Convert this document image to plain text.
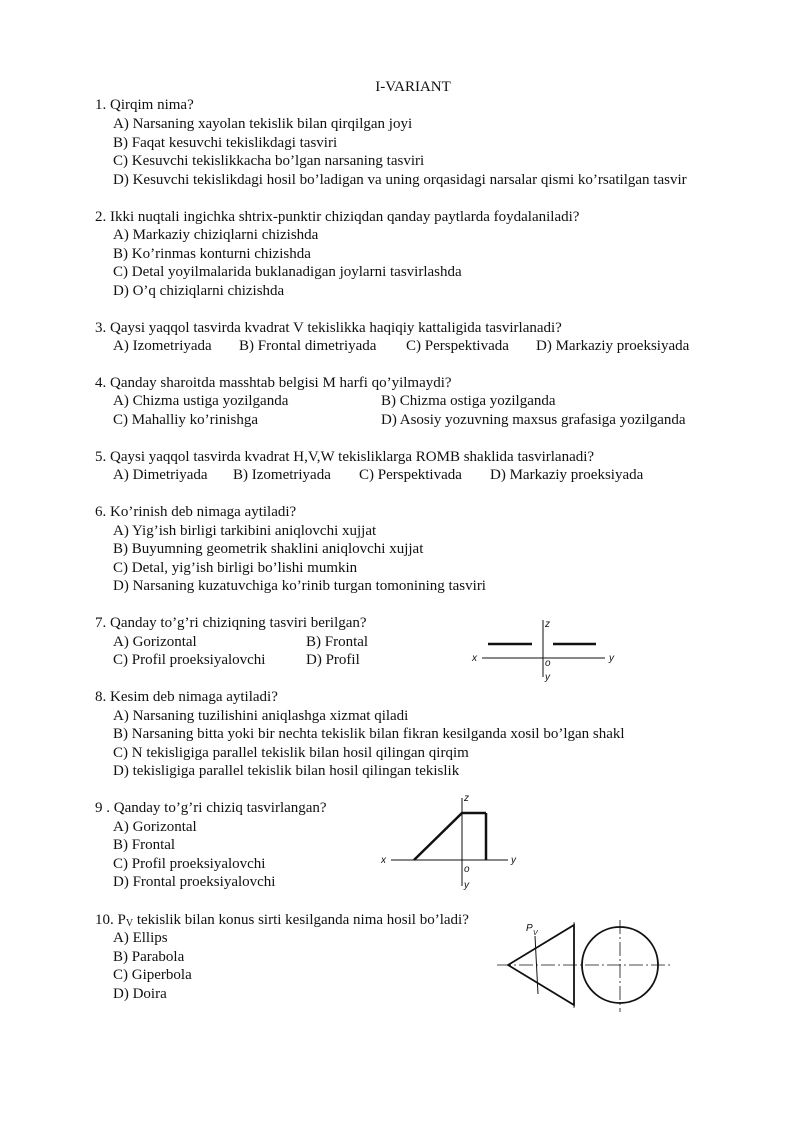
I-VARIANT
1. Qirqim nima?
A) Narsaning xayolan tekislik bilan qirqilgan joyi
B) Faqat kesuvchi tekislikdagi tasviri
C) Kesuvchi tekislikkacha bo’lgan narsaning tasviri
D) Kesuvchi tekislikdagi hosil bo’ladigan va uning orqasidagi narsalar qismi ko’rsatilgan tasvir
2. Ikki nuqtali ingichka shtrix-punktir chiziqdan qanday paytlarda foydalaniladi?
A) Markaziy chiziqlarni chizishda
B) Ko’rinmas konturni chizishda
C) Detal yoyilmalarida buklanadigan joylarni tasvirlashda
D) O’q chiziqlarni chizishda
3. Qaysi yaqqol tasvirda kvadrat V tekislikka haqiqiy kattaligida tasvirlanadi?
A) Izometriyada B) Frontal dimetriyada C) Perspektivada D) Markaziy proeksiyada
4. Qanday sharoitda masshtab belgisi M harfi qo’yilmaydi?
A) Chizma ustiga yozilganda	B) Chizma ostiga yozilganda
C) Mahalliy ko’rinishga	D) Asosiy yozuvning maxsus grafasiga yozilganda
5. Qaysi yaqqol tasvirda kvadrat H,V,W tekisliklarga ROMB shaklida tasvirlanadi?
A) Dimetriyada B) Izometriyada C) Perspektivada D) Markaziy proeksiyada
6. Ko’rinish deb nimaga aytiladi?
A) Yig’ish birligi tarkibini aniqlovchi xujjat
B) Buyumning geometrik shaklini aniqlovchi xujjat
C) Detal, yig’ish birligi bo’lishi mumkin
D) Narsaning kuzatuvchiga ko’rinib turgan tomonining tasviri
7. Qanday to’g’ri chiziqning tasviri berilgan?
A) Gorizontal	B) Frontal
C) Profil proeksiyalovchi	D) Profil
z
x	y
o
y
8. Kesim deb nimaga aytiladi?
A) Narsaning tuzilishini aniqlashga xizmat qiladi
B) Narsaning bitta yoki bir nechta tekislik bilan fikran kesilganda xosil bo’lgan shakl
C) N tekisligiga parallel tekislik bilan hosil qilingan qirqim
D) tekisligiga parallel tekislik bilan hosil qilingan tekislik
9 . Qanday to’g’ri chiziq tasvirlangan?
A) Gorizontal
B) Frontal
C) Profil proeksiyalovchi
D) Frontal proeksiyalovchi
z
x	y
o
y
10. $P_V$ tekislik bilan konus sirti kesilganda nima hosil bo’ladi?
A) Ellips
B) Parabola
C) Giperbola
D) Doira
P V
